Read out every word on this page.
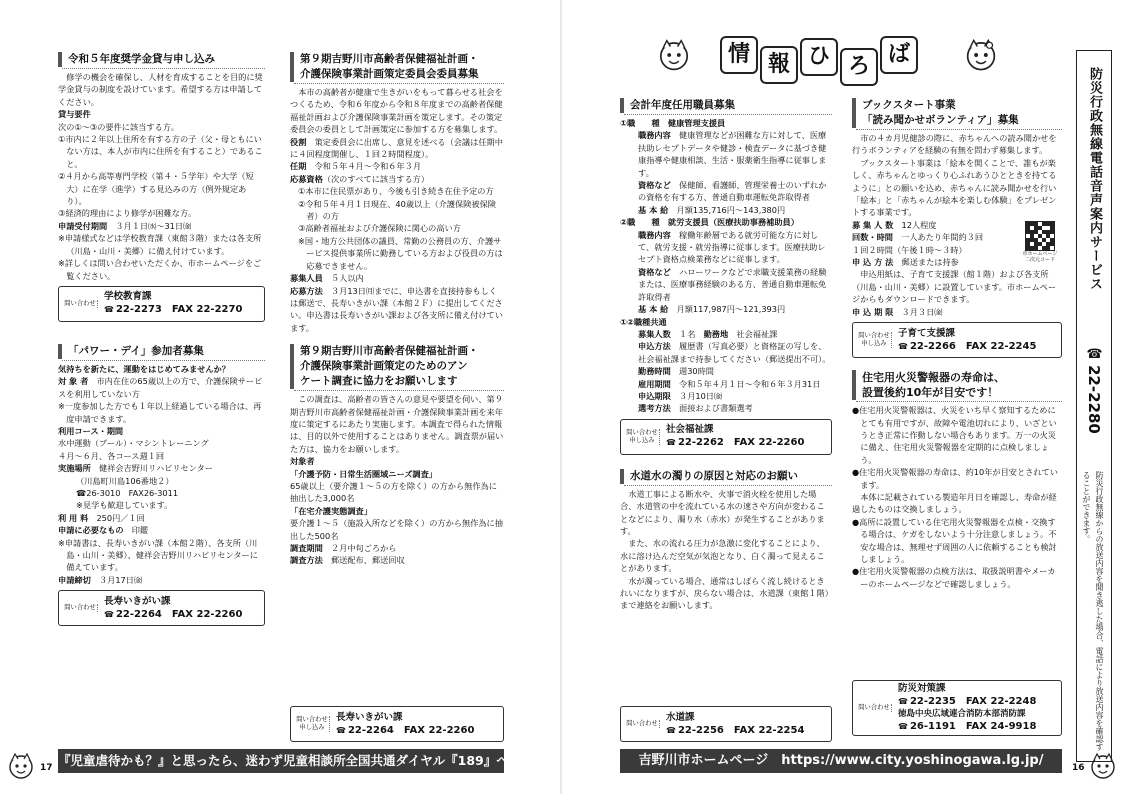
令和５年度奨学金貸与申し込み

修学の機会を確保し、人材を育成することを目的に奨学金貸与の制度を設けています。希望する方は申請してください。

貸与要件

次の①～③の要件に該当する方。

①市内に２年以上住所を有する方の子（父・母ともにいない方は、本人が市内に住所を有すること）であること。

②４月から高等専門学校（第４・５学年）や大学（短大）に在学（進学）する見込みの方（例外規定あり）。

③経済的理由により修学が困難な方。

申請受付期間　 ３月１日㈬～31日㈮

※申請様式などは学校教育課（東館３階）または各支所（川島・山川・美郷）に備え付けています。

※詳しくは問い合わせいただくか、市ホームページをご覧ください。

問い合わせ
学校教育課
☎ 22-2273　 FAX 22-2270
「パワー・デイ」参加者募集

気持ちを新たに、運動をはじめてみませんか？

対 象 者　 市内在住の65歳以上の方で、介護保険サービスを利用していない方

※一度参加した方でも１年以上経過している場合は、再度申請できます。

利用コース・期間

水中運動（プール）・マシントレーニング

４月～６月、各コース週１回

実施場所　 健祥会吉野川リハビリセンター

（川島町川島106番地２）

☎26-3010　 FAX26-3011

※見学も歓迎しています。

利 用 料　 250円／１回

申請に必要なもの　 印鑑

※申請書は、長寿いきがい課（本館２階）、各支所（川島・山川・美郷）、健祥会吉野川リハビリセンターに備えています。

申請締切　 ３月17日㈮

問い合わせ
長寿いきがい課
☎ 22-2264　 FAX 22-2260
第９期吉野川市高齢者保健福祉計画・
介護保険事業計画策定委員会委員募集

本市の高齢者が健康で生きがいをもって暮らせる社会をつくるため、令和６年度から令和８年度までの高齢者保健福祉計画および介護保険事業計画を策定します。その策定委員会の委員として計画策定に参加する方を募集します。

役割　 策定委員会に出席し、意見を述べる（会議は任期中に４回程度開催し、１回２時間程度）。

任期　 令和５年４月～令和６年３月

応募資格（次のすべてに該当する方）

①本市に住民票があり、今後も引き続き在住予定の方

②令和５年４月１日現在、40歳以上（介護保険被保険者）の方

③高齢者福祉および介護保険に関心の高い方

※国・地方公共団体の議員、常勤の公務員の方、介護サービス提供事業所に勤務している方および役員の方は応募できません。

募集人員　 ５人以内

応募方法　 ３月13日㈪までに、申込書を直接持参もしくは郵送で、長寿いきがい課（本館２Ｆ）に提出してください。申込書は長寿いきがい課および各支所に備え付けています。

第９期吉野川市高齢者保健福祉計画・
介護保険事業計画策定のためのアン
ケート調査に協力をお願いします

この調査は、高齢者の皆さんの意見や要望を伺い、第９期吉野川市高齢者保健福祉計画・介護保険事業計画を来年度に策定するにあたり実施します。本調査で得られた情報は、目的以外で使用することはありません。調査票が届いた方は、協力をお願いします。

対象者

「介護予防・日常生活圏域ニーズ調査」

65歳以上（要介護１～５の方を除く）の方から無作為に抽出した3,000名

「在宅介護実態調査」

要介護１～５（施設入所などを除く）の方から無作為に抽出した500名

調査期間　 ２月中旬ごろから

調査方法　 郵送配布、郵送回収

問い合わせ 申し込み
長寿いきがい課
☎ 22-2264　 FAX 22-2260
『児童虐待かも？』と思ったら、迷わず児童相談所全国共通ダイヤル『189』へ連絡を！
17
情 報 ひ ろ ば
会計年度任用職員募集

①職　　種　 健康管理支援員

職務内容　 健康管理などが困難な方に対して、医療扶助レセプトデータや健診・検査データに基づき健康指導や健康相談、生活・服薬衛生指導に従事します。

資格など　 保健師、看護師、管理栄養士のいずれかの資格を有する方、普通自動車運転免許取得者

基 本 給　 月額135,716円～143,380円

②職　　種　 就労支援員（医療扶助事務補助員）

職務内容　 稼働年齢層である就労可能な方に対して、就労支援・就労指導に従事します。医療扶助レセプト資格点検業務などに従事します。

資格など　 ハローワークなどで求職支援業務の経験または、医療事務経験のある方、普通自動車運転免許取得者

基 本 給　 月額117,987円～121,393円

①②職種共通

募集人数　 １名　 勤務地　 社会福祉課

申込方法　 履歴書（写真必要）と資格証の写しを、社会福祉課まで持参してください（郵送提出不可）。

勤務時間　 週30時間

雇用期間　 令和５年４月１日～令和６年３月31日

申込期限　 ３月10日㈮

選考方法　 面接および書類選考

問い合わせ 申し込み
社会福祉課
☎ 22-2262　 FAX 22-2260
水道水の濁りの原因と対応のお願い

水道工事による断水や、火事で消火栓を使用した場合、水道管の中を流れている水の速さや方向が変わることなどにより、濁り水（赤水）が発生することがあります。

また、水の流れる圧力が急激に変化することにより、水に溶け込んだ空気が気泡となり、白く濁って見えることがあります。

水が濁っている場合、通常はしばらく流し続けるときれいになりますが、戻らない場合は、水道課（東館１階）まで連絡をお願いします。

問い合わせ
水道課
☎ 22-2256　 FAX 22-2254
ブックスタート事業
「読み聞かせボランティア」募集

市の４カ月児健診の際に、赤ちゃんへの読み聞かせを行うボランティアを経験の有無を問わず募集します。

ブックスタート事業は「絵本を開くことで、誰もが楽しく、赤ちゃんとゆっくり心ふれあうひとときを持てるように」との願いを込め、赤ちゃんに読み聞かせを行い「絵本」と「赤ちゃんが絵本を楽しむ体験」をプレゼントする事業です。

募 集 人 数　 12人程度

回数・時間　 一人あたり年間約３回

１回２時間（午後１時～３時）

申 込 方 法　 郵送または持参

市ホームページ 二次元コード

申込用紙は、子育て支援課（館１階）および各支所（川島・山川・美郷）に設置しています。市ホームページからもダウンロードできます。

申 込 期 限　 ３月３日㈮

問い合わせ 申し込み
子育て支援課
☎ 22-2266　 FAX 22-2245
住宅用火災警報器の寿命は、
設置後約10年が目安です！

●住宅用火災警報器は、火災をいち早く察知するためにとても有用ですが、故障や電池切れにより、いざというとき正常に作動しない場合もあります。万一の火災に備え、住宅用火災警報器を定期的に点検しましょう。

●住宅用火災警報器の寿命は、約10年が目安とされています。

本体に記載されている製造年月日を確認し、寿命が経過したものは交換しましょう。

●高所に設置している住宅用火災警報器を点検・交換する場合は、ケガをしないよう十分注意しましょう。不安な場合は、無理せず周囲の人に依頼することも検討しましょう。

●住宅用火災警報器の点検方法は、取扱説明書やメーカーのホームページなどで確認しましょう。

問い合わせ
防災対策課
☎ 22-2235　 FAX 22-2248
徳島中央広域連合消防本部消防課
☎ 26-1191　 FAX 24-9918
吉野川市ホームページ　https://www.city.yoshinogawa.lg.jp/	16
防災行政無線電話音声案内サービス
☎
22‐2280
防災行政無線からの放送内容を聞き逃した場合、電話により放送内容を確認することができます。
